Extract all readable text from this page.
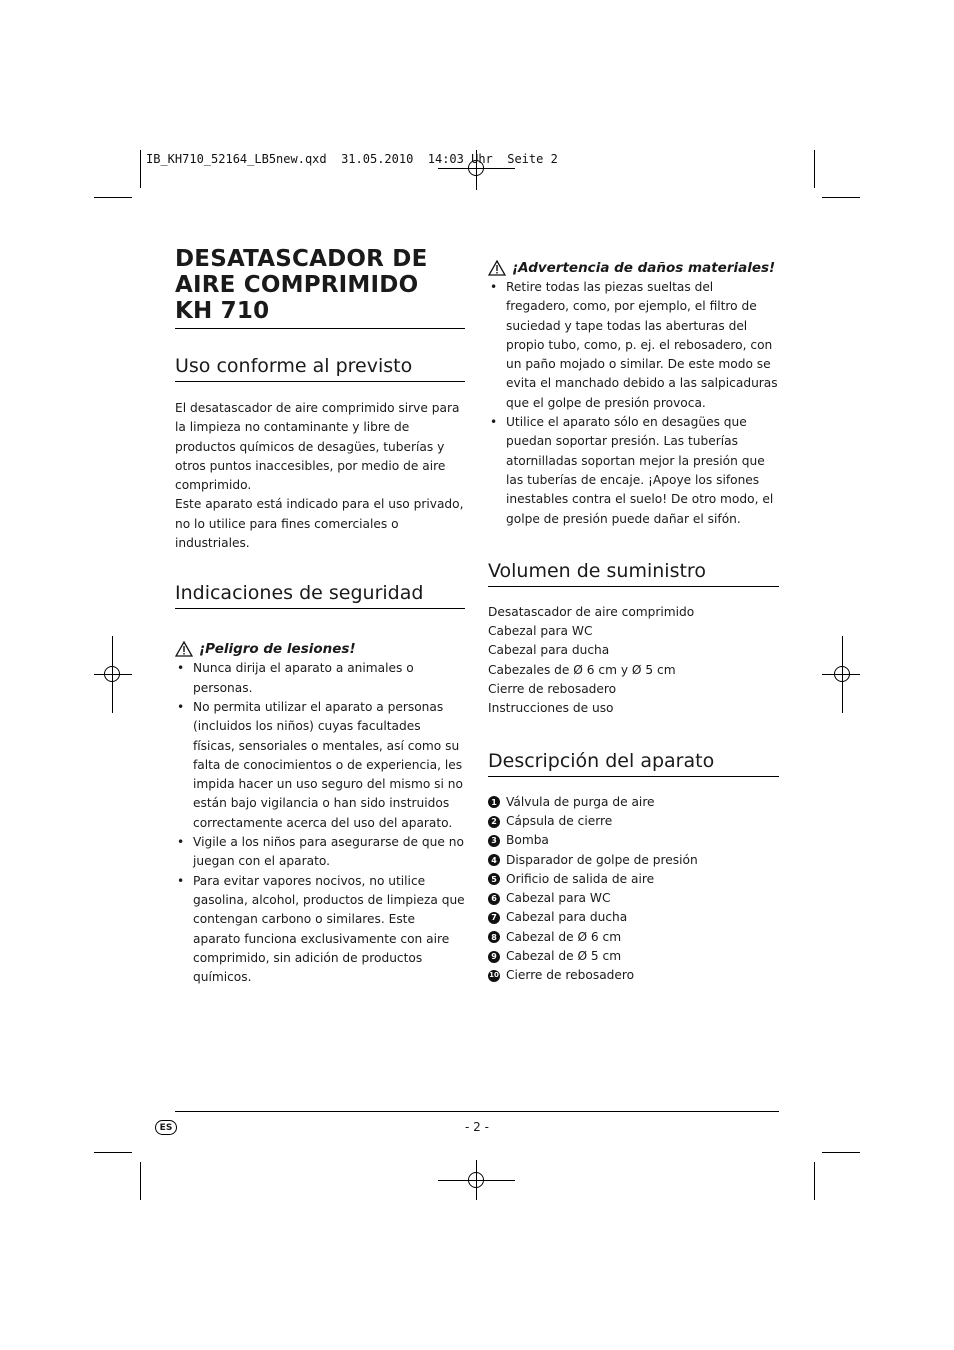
IB_KH710_52164_LB5new.qxd  31.05.2010  14:03 Uhr  Seite 2
DESATASCADOR DE
AIRE COMPRIMIDO
KH 710
Uso conforme al previsto

El desatascador de aire comprimido sirve para la limpieza no contaminante y libre de productos químicos de desagües, tuberías y otros puntos inaccesibles, por medio de aire comprimido.

Este aparato está indicado para el uso privado, no lo utilice para fines comerciales o industriales.

Indicaciones de seguridad
¡Peligro de lesiones!
• Nunca dirija el aparato a animales o personas.
• No permita utilizar el aparato a personas (incluidos los niños) cuyas facultades físicas, sensoriales o mentales, así como su falta de conocimientos o de experiencia, les impida hacer un uso seguro del mismo si no están bajo vigilancia o han sido instruidos correctamente acerca del uso del aparato.
• Vigile a los niños para asegurarse de que no juegan con el aparato.
• Para evitar vapores nocivos, no utilice gasolina, alcohol, productos de limpieza que contengan carbono o similares. Este aparato funciona exclusivamente con aire comprimido, sin adición de productos químicos.
¡Advertencia de daños materiales!
• Retire todas las piezas sueltas del fregadero, como, por ejemplo, el filtro de suciedad y tape todas las aberturas del propio tubo, como, p. ej. el rebosadero, con un paño mojado o similar. De este modo se evita el manchado debido a las salpicaduras que el golpe de presión provoca.
• Utilice el aparato sólo en desagües que puedan soportar presión. Las tuberías atornilladas soportan mejor la presión que las tuberías de encaje. ¡Apoye los sifones inestables contra el suelo! De otro modo, el golpe de presión puede dañar el sifón.
Volumen de suministro
Desatascador de aire comprimido
Cabezal para WC
Cabezal para ducha
Cabezales de Ø 6 cm y Ø 5 cm
Cierre de rebosadero
Instrucciones de uso
Descripción del aparato
1 Válvula de purga de aire
2 Cápsula de cierre
3 Bomba
4 Disparador de golpe de presión
5 Orificio de salida de aire
6 Cabezal para WC
7 Cabezal para ducha
8 Cabezal de Ø 6 cm
9 Cabezal de Ø 5 cm
10 Cierre de rebosadero
ES	- 2 -
